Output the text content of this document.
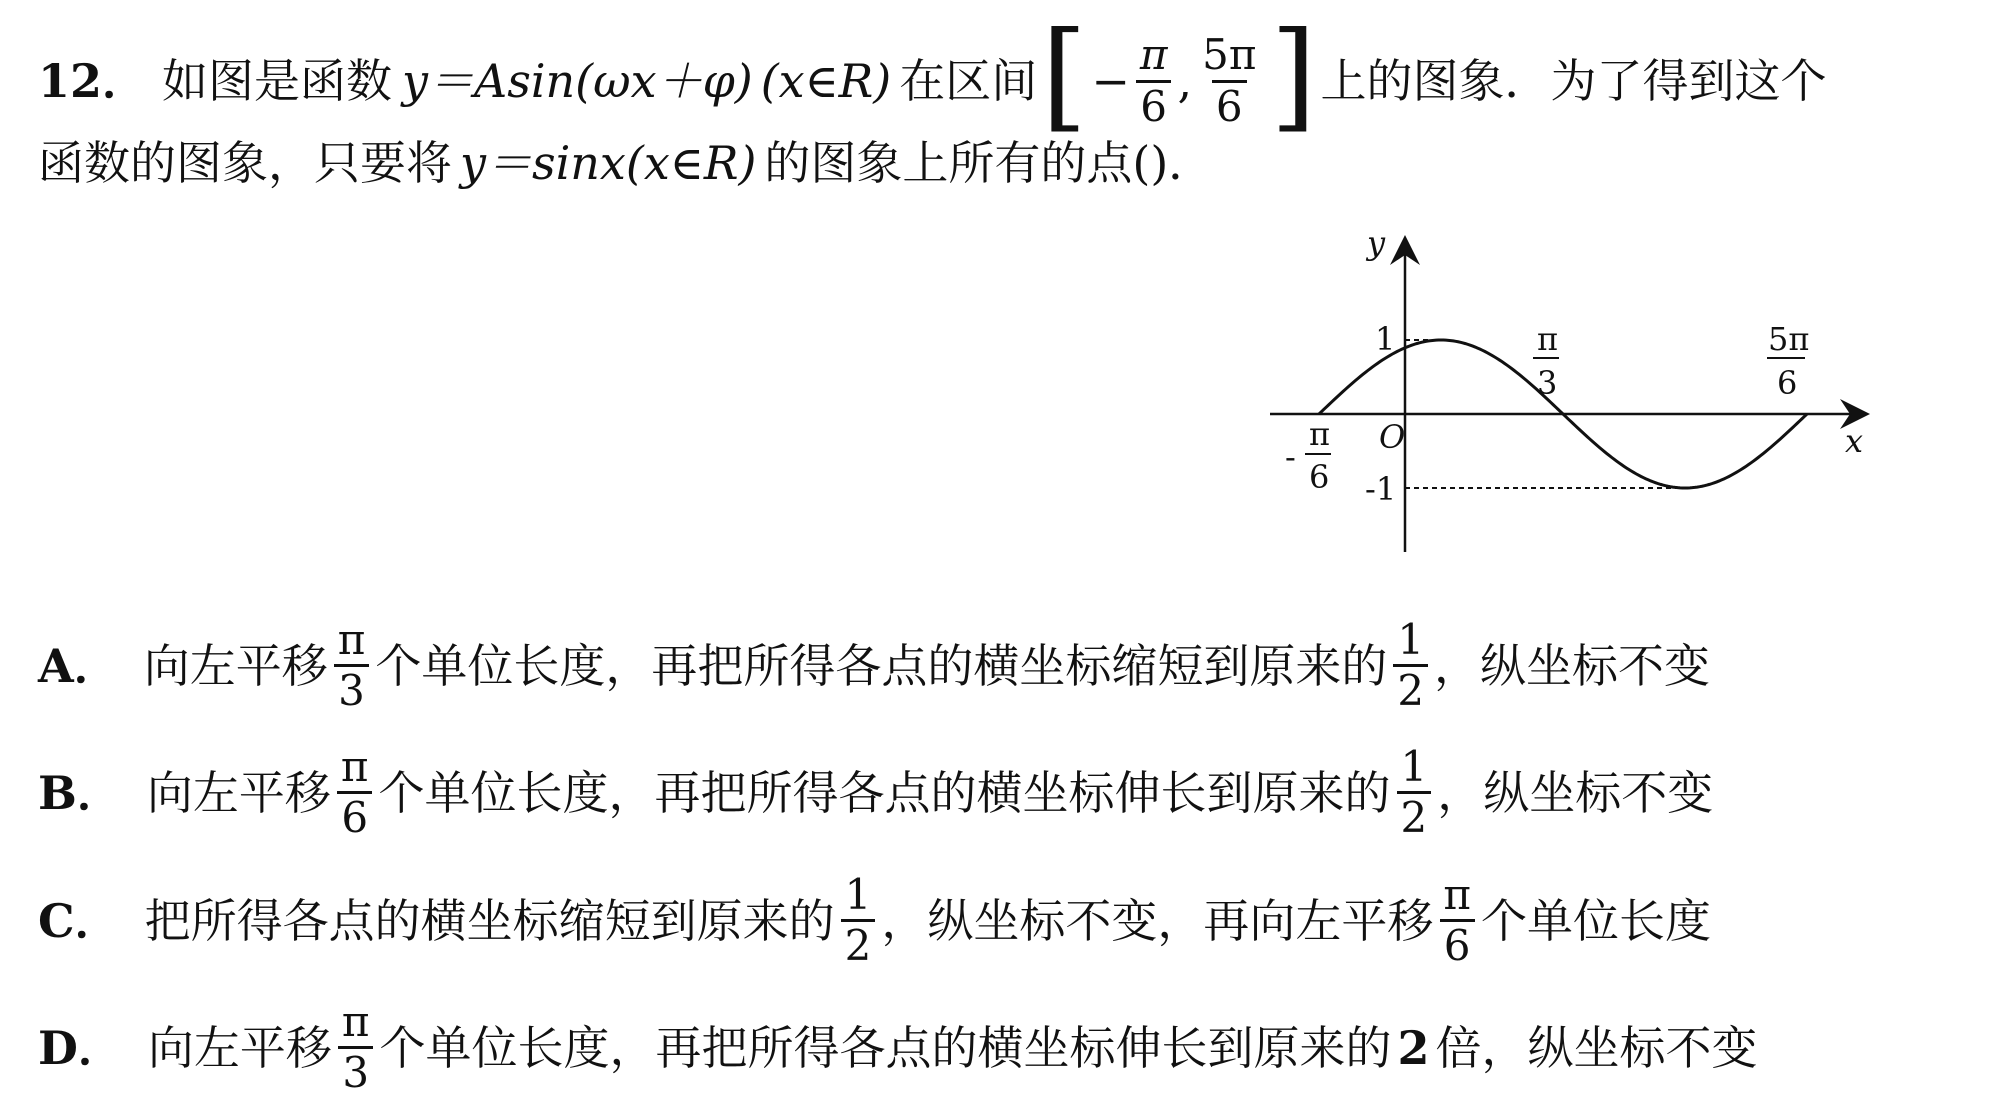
12． 如图是函数 y＝Asin(ωx＋φ) (x∈R) 在区间 [ − $\frac{\pi}{6}$ , $\frac{5\pi}{6}$ ] 上的图象．为了得到这个
函数的图象，只要将 y＝sinx(x∈R) 的图象上所有的点()．
y
x
O
1
-1
-
π
6
π
3
5π
6
A． 向左平移 $\frac{\pi}{3}$ 个单位长度，再把所得各点的横坐标缩短到原来的 $\frac{1}{2}$ ，纵坐标不变
B． 向左平移 $\frac{\pi}{6}$ 个单位长度，再把所得各点的横坐标伸长到原来的 $\frac{1}{2}$ ，纵坐标不变
C． 把所得各点的横坐标缩短到原来的 $\frac{1}{2}$ ，纵坐标不变，再向左平移 $\frac{\pi}{6}$ 个单位长度
D． 向左平移 $\frac{\pi}{3}$ 个单位长度，再把所得各点的横坐标伸长到原来的 2 倍，纵坐标不变
